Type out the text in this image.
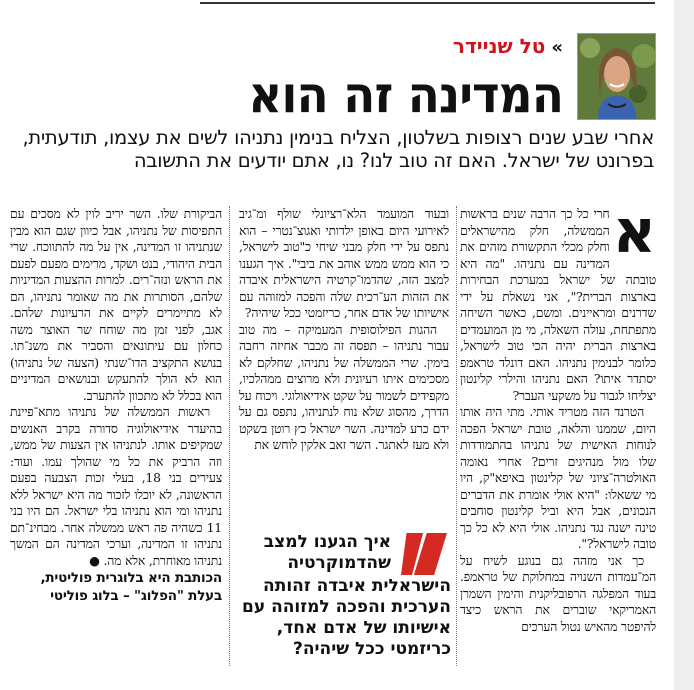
»טל שניידר
המדינה זה הוא
אחרי שבע שנים רצופות בשלטון, הצליח בנימין נתניהו לשים את עצמו, תודעתית, בפרונט של ישראל. האם זה טוב לנו? נו, אתם יודעים את התשובה
א

חרי כל כך הרבה שנים בראשות הממשלה, חלק מהישראלים וחלק מכלי התקשורת מזהים את המדינה עם נתניהו. "מה היא טובתה של ישראל במערכת הבחירות בארצות הברית?", אני נשאלת על ידי שדרנים ומראיינים. ומשם, כאשר השיחה מתפתחת, עולה השאלה, מי מן המועמדים בארצות הברית יהיה הכי טוב לישראל, כלומר לבנימין נתניהו. האם דונלד טראמפ יסתדר איתו? האם נתניהו והילרי קלינטון יצליחו לגבור על משקעי העבר?

הטרנד הזה מטריד אותי. מתי היה אותו היום, שממנו והלאה, טובת ישראל הפכה לנוחות האישית של נתניהו בהתמודדות שלו מול מנהיגים זרים? אחרי נאומה האולטרה־ציוני של קלינטון באיפא"ק, היו מי ששאלו: "היא אולי אומרת את הדברים הנכונים, אבל היא וביל קלינטון סוחבים טינה ישנה נגד נתניהו. אולי היא לא כל כך טובה לישראל?".

כך אני מזהה גם בנוגע לשיח על המ־עמדות השנויה במחלוקת של טראמפ. בעוד המפלגה הרפובליקנית והימין השמרן האמריקאי שוברים את הראש כיצד להיפטר מהאיש נטול הערכים

ובעוד המועמד הלא־רציונלי שולף ומ־גיב לאירועי היום באופן ילדותי ואגוצ־נטרי – הוא נתפס על ידי חלק מבני שיחי כ"טוב לישראל, כי הוא ממש ממש אוהב את ביבי". איך הגענו למצב הזה, שהדמו־קרטיה הישראלית איבדה את הזהות הע־רכית שלה והפכה למזוהה עם אישיותו של אדם אחר, כריזמטי ככל שיהיה?

ההגות הפילוסופית המעמיקה – מה טוב עבור נתניהו – תפסה זה מכבר אחיזה רחבה בימין. שרי הממשלה של נתניהו, שחלקם לא מסכימים איתו רעיונית ולא מרוצים ממהלכיו, מקפידים לשמור על שקט אידיאולוגי. ויכוח על הדרך, מהסוג שלא נוח לנתניהו, נתפס גם על ידם כרע למדינה. השר ישראל כץ רוטן בשקט ולא מעז לאתגר. השר זאב אלקין לוחש את

איך הגענו למצב
שהדמוקרטיה
הישראלית איבדה זהותה הערכית והפכה למזוהה עם אישיותו של אדם אחד, כריזמטי ככל שיהיה?

הביקורת שלו. השר יריב לוין לא מסכים עם התפיסות של נתניהו, אבל כיוון שגם הוא מבין שנתניהו זו המדינה, אין על מה להתווכח. שרי הבית היהודי, בנט ושקד, מרימים מפעם לפעם את הראש ונזה־רים. למרות ההצעות המדיניות שלהם, הסותרות את מה שאומר נתניהו, הם לא מתיימרים לקיים את הרעיונות שלהם. אגב, לפני זמן מה שוחח שר האוצר משה כחלון עם עיתונאים והסביר את משנ־תו. בנושא התקציב הדו־שנתי (הצעה של נתניהו) הוא לא הולך להתעקש ובנושאים המדיניים הוא בכלל לא מתכוון להתערב.

ראשות הממשלה של נתניהו מתא־פיינת בהיעדר אידיאולוגיה סדורה בקרב האנשים שמקיפים אותו. לנתניהו אין הצעות של ממש, וזה הרביק את כל מי שהולך עמו. ועוד: צעירים בני 18, בעלי זכות הצבעה בפעם הראשונה, לא יוכלו לזכור מה היא ישראל ללא נתניהו ומי הוא נתניהו בלי ישראל. הם היו בני 11 כשהיה פה ראש ממשלה אחר. מבחינ־תם נתניהו זו המדינה, וערכי המדינה הם המשך נתניהו מאוחרת, אלא מה. ●

הכותבת היא בלוגרית פוליטית, בעלת "הפלוג" – בלוג פוליטי
